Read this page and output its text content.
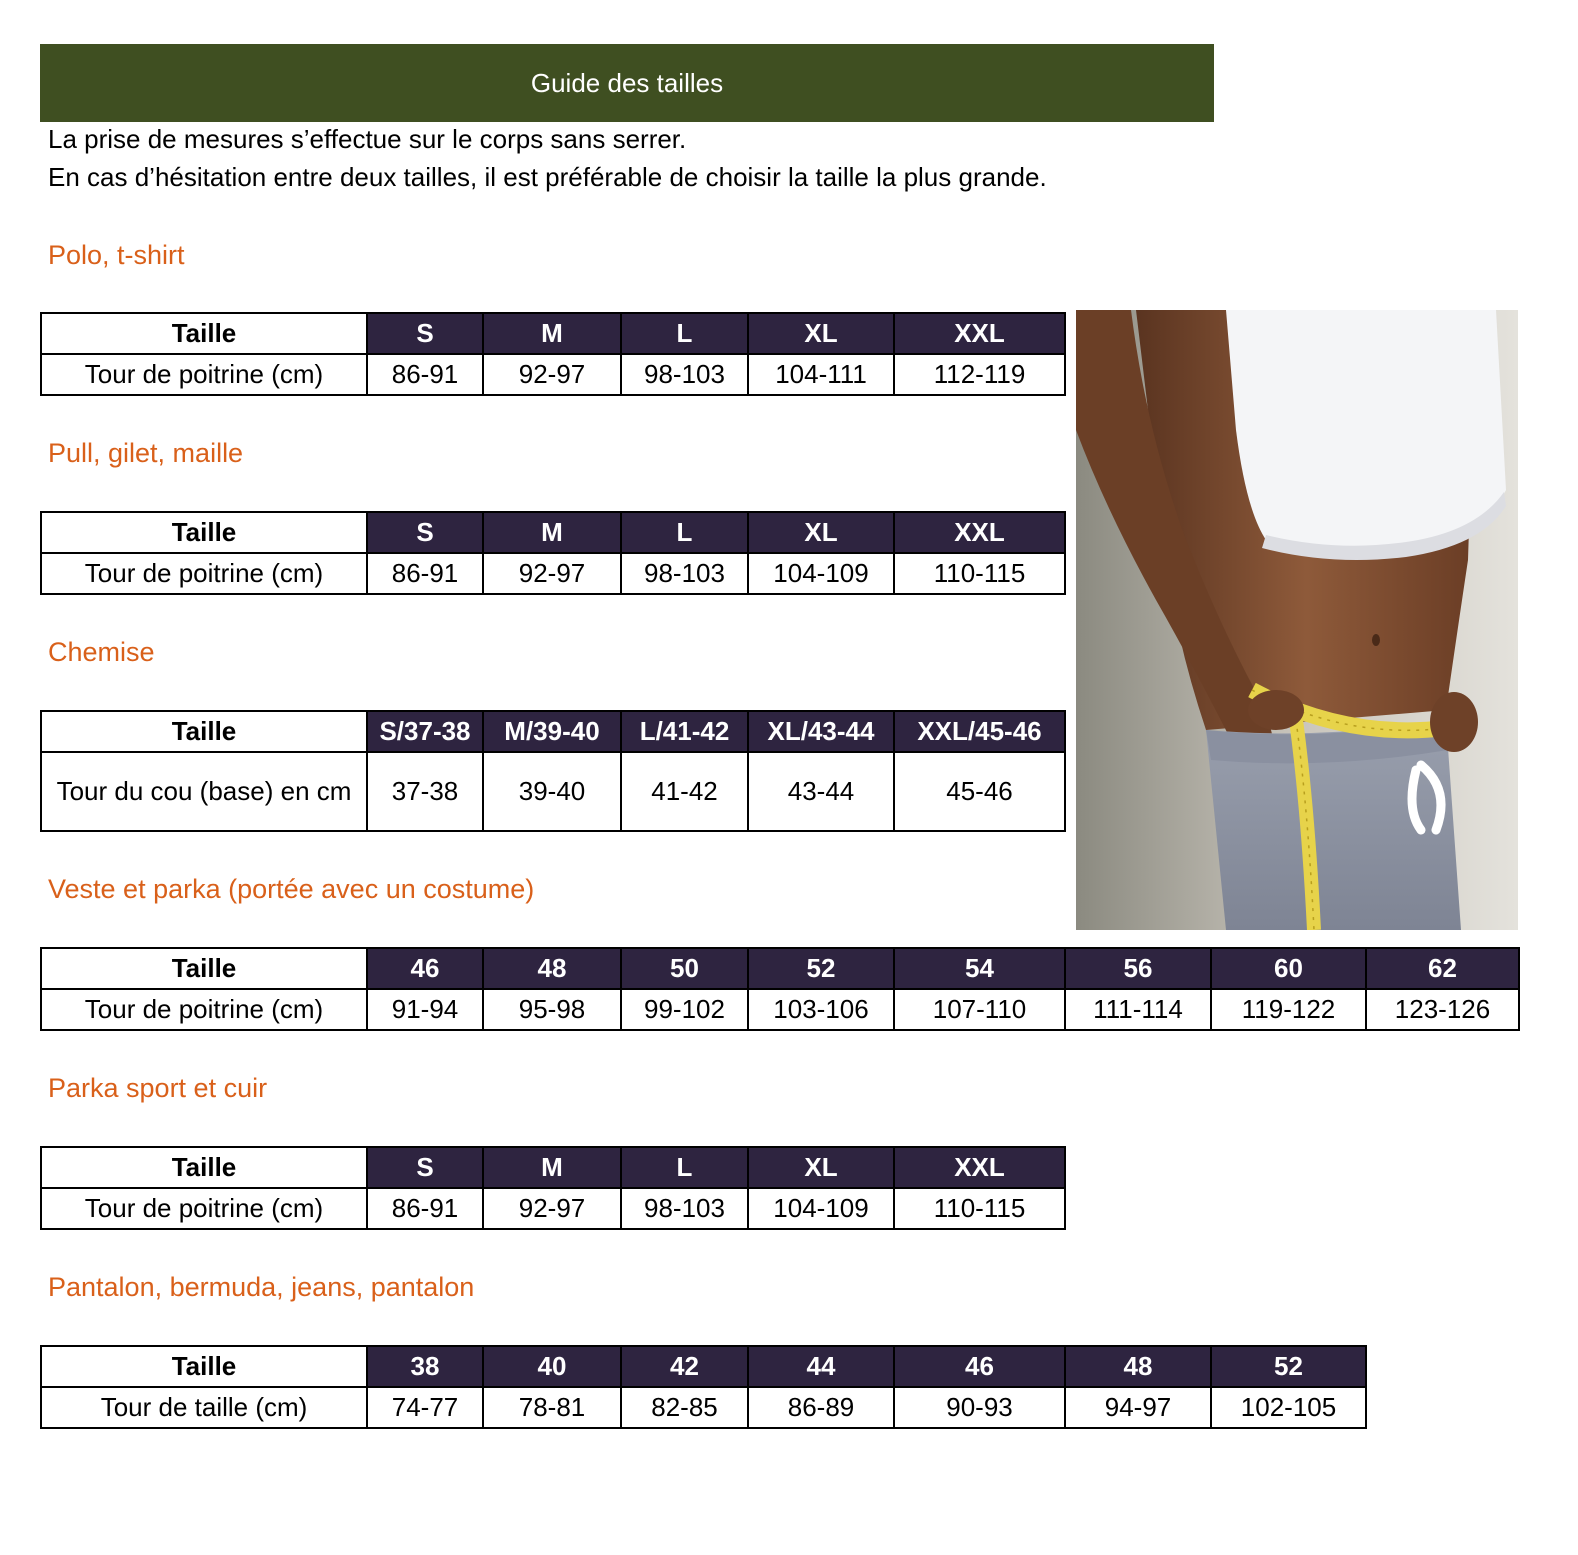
Guide des tailles
La prise de mesures s’effectue sur le corps sans serrer.
En cas d’hésitation entre deux tailles, il est préférable de choisir la taille la plus grande.
Polo, t-shirt
Taille	S	M	L	XL	XXL
Tour de poitrine (cm)	86-91	92-97	98-103	104-111	112-119
Pull, gilet, maille
Taille	S	M	L	XL	XXL
Tour de poitrine (cm)	86-91	92-97	98-103	104-109	110-115
Chemise
Taille	S/37-38	M/39-40	L/41-42	XL/43-44	XXL/45-46
Tour du cou (base) en cm	37-38	39-40	41-42	43-44	45-46
Veste et parka (portée avec un costume)
Taille	46	48	50	52	54	56	60	62
Tour de poitrine (cm)	91-94	95-98	99-102	103-106	107-110	111-114	119-122	123-126
Parka sport et cuir
Taille	S	M	L	XL	XXL
Tour de poitrine (cm)	86-91	92-97	98-103	104-109	110-115
Pantalon, bermuda, jeans, pantalon
Taille	38	40	42	44	46	48	52
Tour de taille (cm)	74-77	78-81	82-85	86-89	90-93	94-97	102-105
